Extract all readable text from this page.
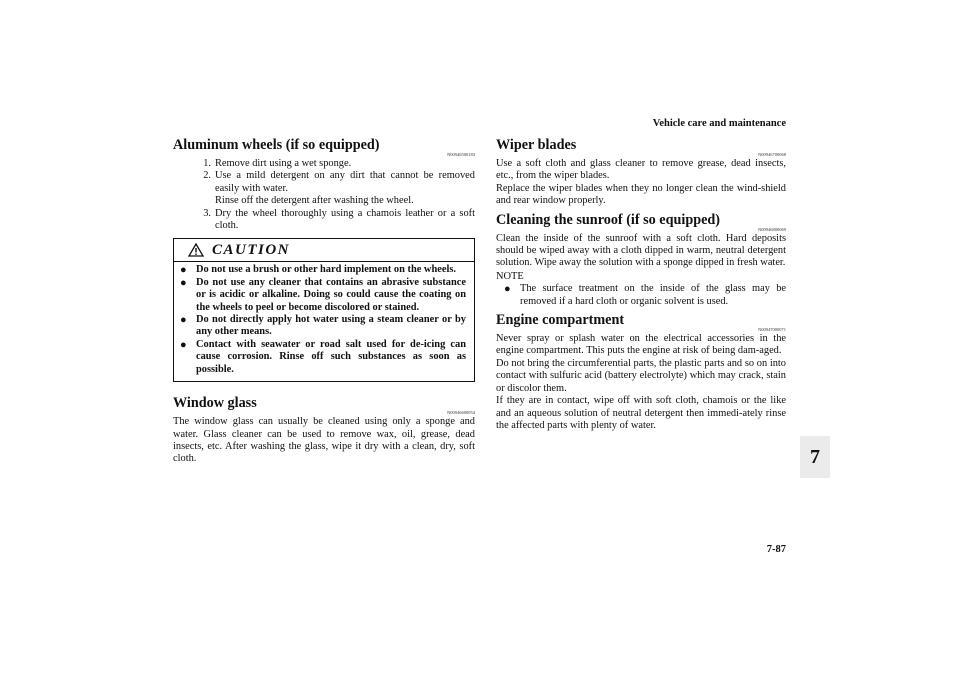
Vehicle care and maintenance
7
7-87
Aluminum wheels (if so equipped)
N00946500183
1. Remove dirt using a wet sponge.
2. Use a mild detergent on any dirt that cannot be removed easily with water.
Rinse off the detergent after washing the wheel.
3. Dry the wheel thoroughly using a chamois leather or a soft cloth.
CAUTION
● Do not use a brush or other hard implement on the wheels.
● Do not use any cleaner that contains an abrasive substance or is acidic or alkaline. Doing so could cause the coating on the wheels to peel or become discolored or stained.
● Do not directly apply hot water using a steam cleaner or by any other means.
● Contact with seawater or road salt used for de-icing can cause corrosion. Rinse off such substances as soon as possible.
Window glass
N00946600054

The window glass can usually be cleaned using only a sponge and water. Glass cleaner can be used to remove wax, oil, grease, dead insects, etc. After washing the glass, wipe it dry with a clean, dry, soft cloth.

Wiper blades
N00946700068

Use a soft cloth and glass cleaner to remove grease, dead insects, etc., from the wiper blades.

Replace the wiper blades when they no longer clean the wind-shield and rear window properly.

Cleaning the sunroof (if so equipped)
N00946800069

Clean the inside of the sunroof with a soft cloth. Hard deposits should be wiped away with a cloth dipped in warm, neutral detergent solution. Wipe away the solution with a sponge dipped in fresh water.

NOTE

● The surface treatment on the inside of the glass may be removed if a hard cloth or organic solvent is used.
Engine compartment
N00947000071

Never spray or splash water on the electrical accessories in the engine compartment. This puts the engine at risk of being dam-aged.

Do not bring the circumferential parts, the plastic parts and so on into contact with sulfuric acid (battery electrolyte) which may crack, stain or discolor them.

If they are in contact, wipe off with soft cloth, chamois or the like and an aqueous solution of neutral detergent then immedi-ately rinse the affected parts with plenty of water.
